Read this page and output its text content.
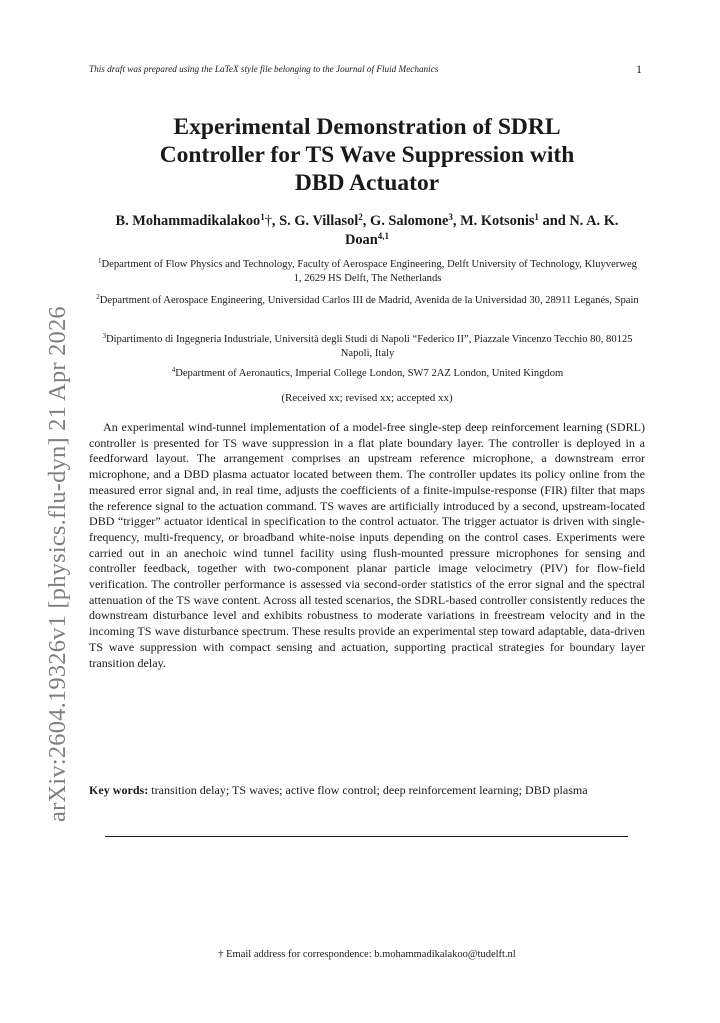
arXiv:2604.19326v1 [physics.flu-dyn] 21 Apr 2026
This draft was prepared using the LaTeX style file belonging to the Journal of Fluid Mechanics	1
Experimental Demonstration of SDRL
Controller for TS Wave Suppression with
DBD Actuator
B. Mohammadikalakoo$^1$†, S. G. Villasol$^2$, G. Salomone$^3$, M. Kotsonis$^1$ and N. A. K. Doan$^{4,1}$
$^1$Department of Flow Physics and Technology, Faculty of Aerospace Engineering, Delft University of Technology, Kluyverweg 1, 2629 HS Delft, The Netherlands
$^2$Department of Aerospace Engineering, Universidad Carlos III de Madrid, Avenida de la Universidad 30, 28911 Leganés, Spain
$^3$Dipartimento di Ingegneria Industriale, Università degli Studi di Napoli “Federico II”, Piazzale Vincenzo Tecchio 80, 80125 Napoli, Italy
$^4$Department of Aeronautics, Imperial College London, SW7 2AZ London, United Kingdom
(Received xx; revised xx; accepted xx)

An experimental wind-tunnel implementation of a model-free single-step deep reinforcement learning (SDRL) controller is presented for TS wave suppression in a flat plate boundary layer. The controller is deployed in a feedforward layout. The arrangement comprises an upstream reference microphone, a downstream error microphone, and a DBD plasma actuator located between them. The controller updates its policy online from the measured error signal and, in real time, adjusts the coefficients of a finite-impulse-response (FIR) filter that maps the reference signal to the actuation command. TS waves are artificially introduced by a second, upstream-located DBD “trigger” actuator identical in specification to the control actuator. The trigger actuator is driven with single-frequency, multi-frequency, or broadband white-noise inputs depending on the control cases. Experiments were carried out in an anechoic wind tunnel facility using flush-mounted pressure microphones for sensing and controller feedback, together with two-component planar particle image velocimetry (PIV) for flow-field verification. The controller performance is assessed via second-order statistics of the error signal and the spectral attenuation of the TS wave content. Across all tested scenarios, the SDRL-based controller consistently reduces the downstream disturbance level and exhibits robustness to moderate variations in freestream velocity and in the incoming TS wave disturbance spectrum. These results provide an experimental step toward adaptable, data-driven TS wave suppression with compact sensing and actuation, supporting practical strategies for boundary layer transition delay.

Key words: transition delay; TS waves; active flow control; deep reinforcement learning; DBD plasma

† Email address for correspondence: b.mohammadikalakoo@tudelft.nl
